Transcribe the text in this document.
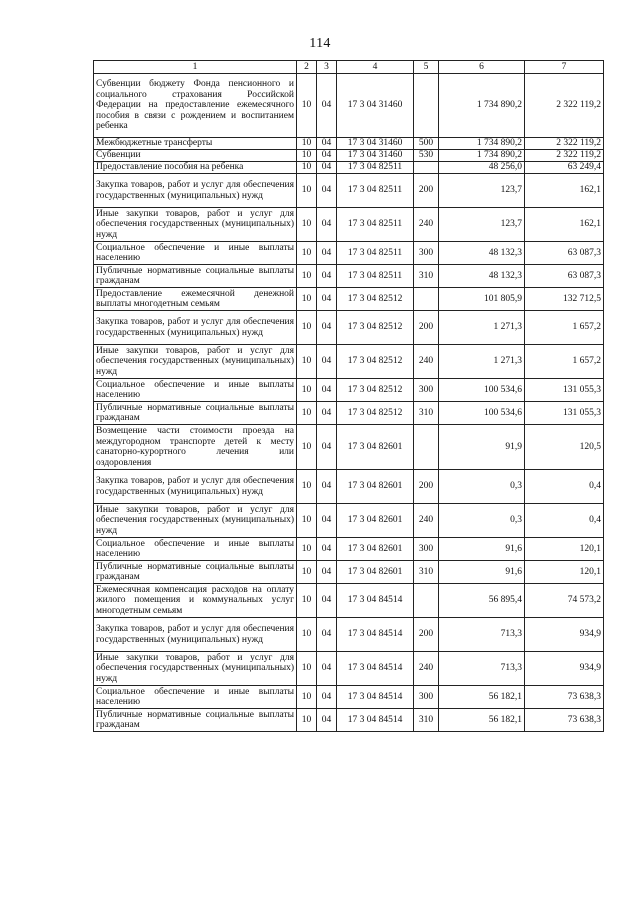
114
1	2	3	4	5	6	7
Субвенции бюджету Фонда пенсионного и социального страхования Российской Федерации на предоставление ежемесячного пособия в связи с рождением и воспитанием ребенка	10	04	17 3 04 31460		1 734 890,2	2 322 119,2
Межбюджетные трансферты	10	04	17 3 04 31460	500	1 734 890,2	2 322 119,2
Субвенции	10	04	17 3 04 31460	530	1 734 890,2	2 322 119,2
Предоставление пособия на ребенка	10	04	17 3 04 82511		48 256,0	63 249,4
Закупка товаров, работ и услуг для обеспечения государственных (муниципальных) нужд	10	04	17 3 04 82511	200	123,7	162,1
Иные закупки товаров, работ и услуг для обеспечения государственных (муниципальных) нужд	10	04	17 3 04 82511	240	123,7	162,1
Социальное обеспечение и иные выплаты населению	10	04	17 3 04 82511	300	48 132,3	63 087,3
Публичные нормативные социальные выплаты гражданам	10	04	17 3 04 82511	310	48 132,3	63 087,3
Предоставление ежемесячной денежной выплаты многодетным семьям	10	04	17 3 04 82512		101 805,9	132 712,5
Закупка товаров, работ и услуг для обеспечения государственных (муниципальных) нужд	10	04	17 3 04 82512	200	1 271,3	1 657,2
Иные закупки товаров, работ и услуг для обеспечения государственных (муниципальных) нужд	10	04	17 3 04 82512	240	1 271,3	1 657,2
Социальное обеспечение и иные выплаты населению	10	04	17 3 04 82512	300	100 534,6	131 055,3
Публичные нормативные социальные выплаты гражданам	10	04	17 3 04 82512	310	100 534,6	131 055,3
Возмещение части стоимости проезда на междугородном транспорте детей к месту санаторно-курортного лечения или оздоровления	10	04	17 3 04 82601		91,9	120,5
Закупка товаров, работ и услуг для обеспечения государственных (муниципальных) нужд	10	04	17 3 04 82601	200	0,3	0,4
Иные закупки товаров, работ и услуг для обеспечения государственных (муниципальных) нужд	10	04	17 3 04 82601	240	0,3	0,4
Социальное обеспечение и иные выплаты населению	10	04	17 3 04 82601	300	91,6	120,1
Публичные нормативные социальные выплаты гражданам	10	04	17 3 04 82601	310	91,6	120,1
Ежемесячная компенсация расходов на оплату жилого помещения и коммунальных услуг многодетным семьям	10	04	17 3 04 84514		56 895,4	74 573,2
Закупка товаров, работ и услуг для обеспечения государственных (муниципальных) нужд	10	04	17 3 04 84514	200	713,3	934,9
Иные закупки товаров, работ и услуг для обеспечения государственных (муниципальных) нужд	10	04	17 3 04 84514	240	713,3	934,9
Социальное обеспечение и иные выплаты населению	10	04	17 3 04 84514	300	56 182,1	73 638,3
Публичные нормативные социальные выплаты гражданам	10	04	17 3 04 84514	310	56 182,1	73 638,3
